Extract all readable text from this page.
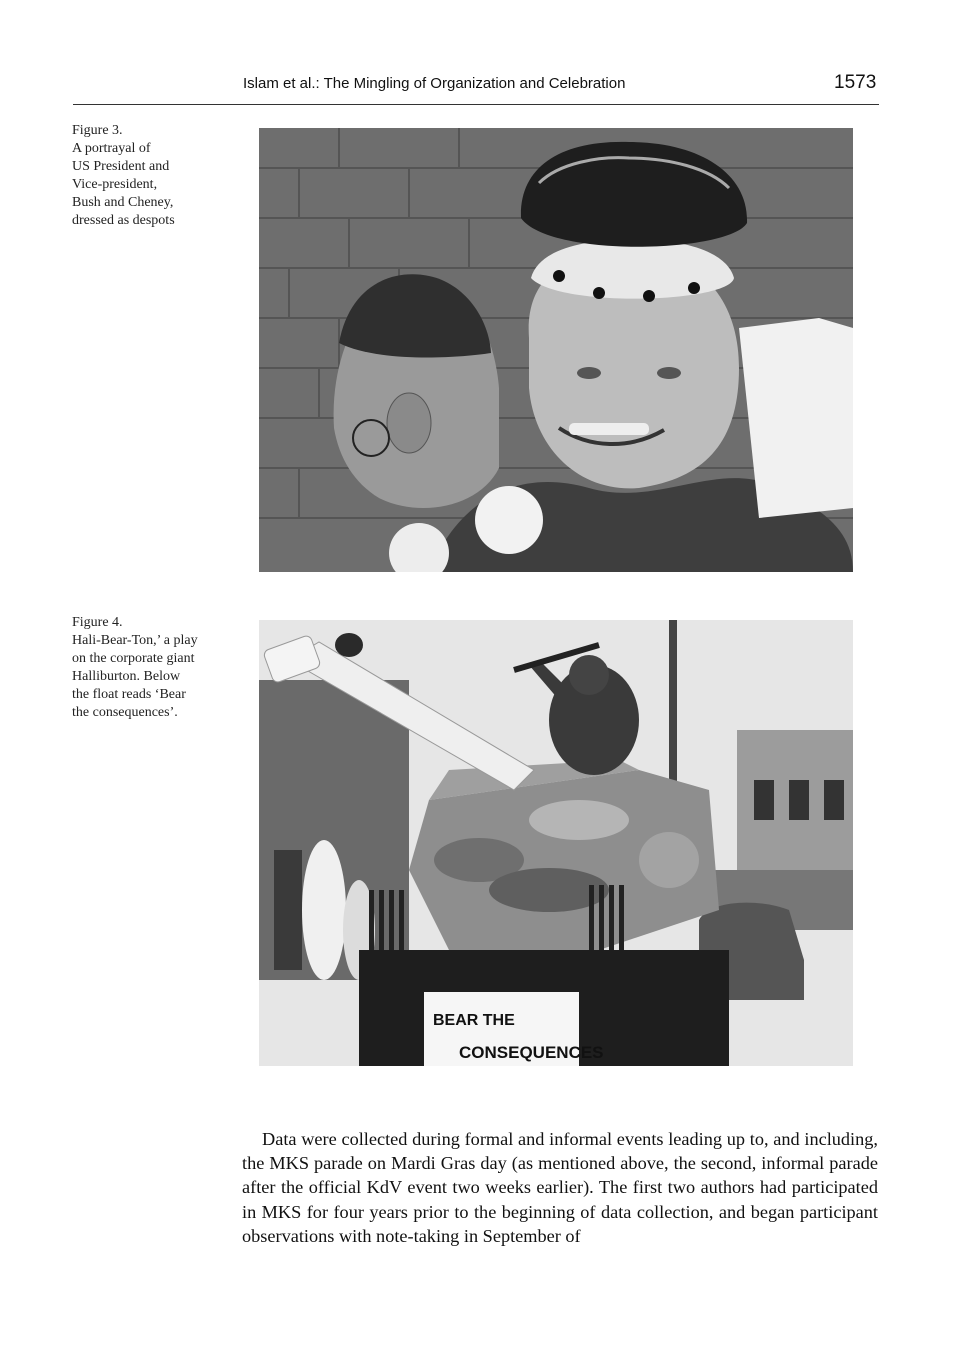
Islam et al.: The Mingling of Organization and Celebration	1573
Figure 3.
A portrayal of
US President and
Vice-president,
Bush and Cheney,
dressed as despots
Figure 4.
Hali-Bear-Ton,’ a play
on the corporate giant
Halliburton. Below
the float reads ‘Bear
the consequences’.
BEAR THE
CONSEQUENCES

Data were collected during formal and informal events leading up to, and including, the MKS parade on Mardi Gras day (as mentioned above, the second, informal parade after the official KdV event two weeks earlier). The first two authors had participated in MKS for four years prior to the beginning of data collection, and began participant observations with note-taking in September of
